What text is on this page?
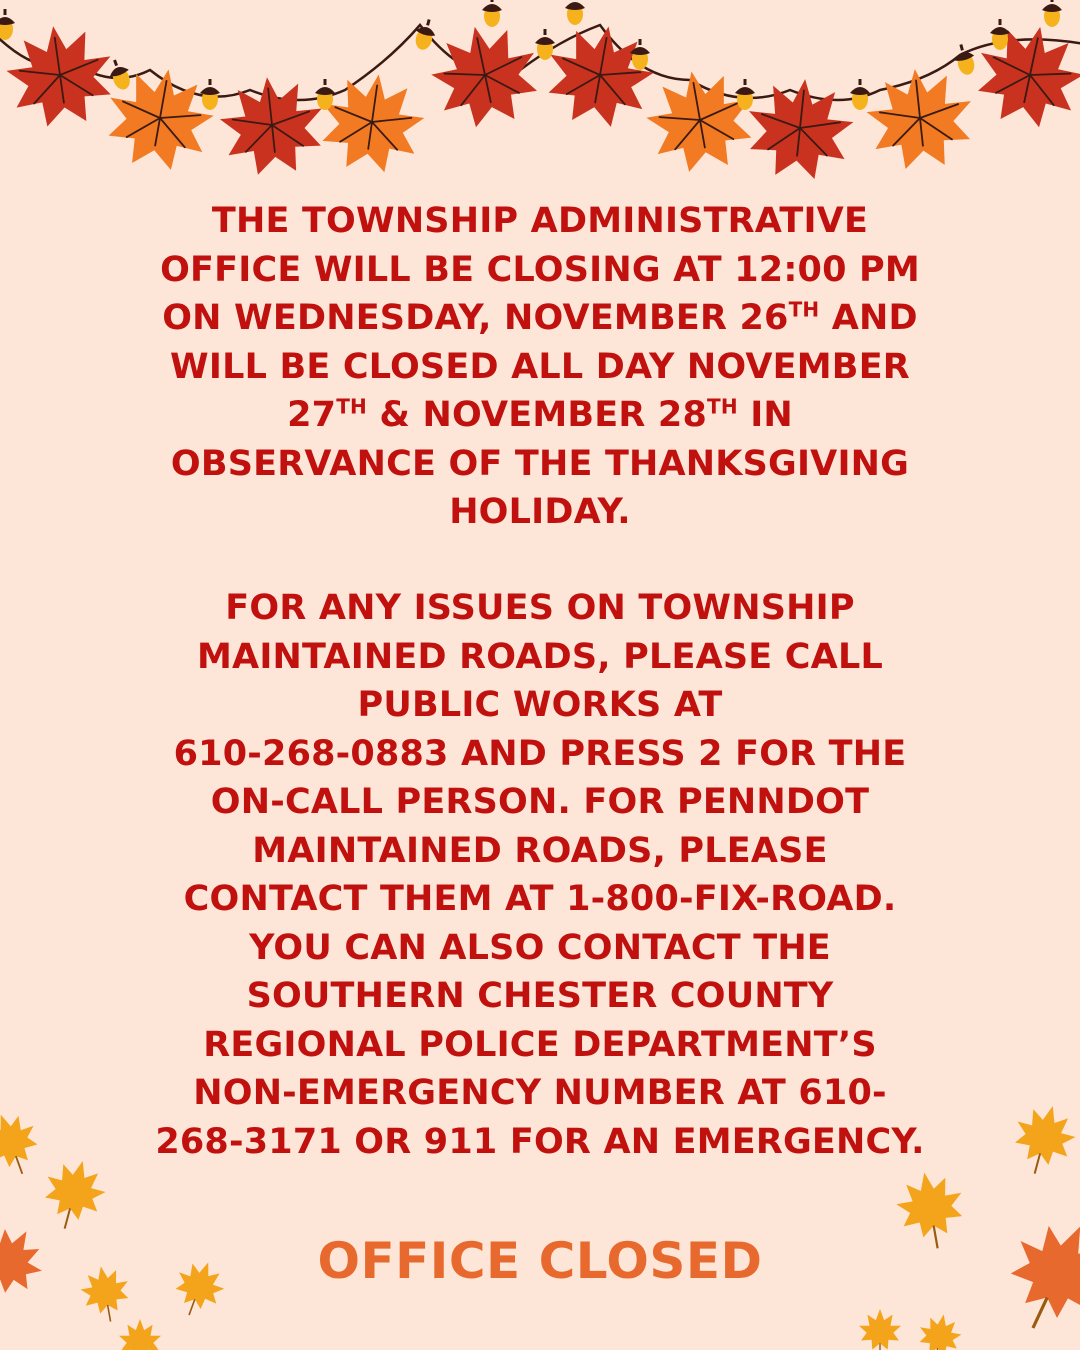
THE TOWNSHIP ADMINISTRATIVE
OFFICE WILL BE CLOSING AT 12:00 PM
ON WEDNESDAY, NOVEMBER 26TH AND
WILL BE CLOSED ALL DAY NOVEMBER
27TH & NOVEMBER 28TH IN
OBSERVANCE OF THE THANKSGIVING
HOLIDAY.
FOR ANY ISSUES ON TOWNSHIP
MAINTAINED ROADS, PLEASE CALL
PUBLIC WORKS AT
610-268-0883 AND PRESS 2 FOR THE
ON-CALL PERSON. FOR PENNDOT
MAINTAINED ROADS, PLEASE
CONTACT THEM AT 1-800-FIX-ROAD.
YOU CAN ALSO CONTACT THE
SOUTHERN CHESTER COUNTY
REGIONAL POLICE DEPARTMENT’S
NON-EMERGENCY NUMBER AT 610-
268-3171 OR 911 FOR AN EMERGENCY.
OFFICE CLOSED
